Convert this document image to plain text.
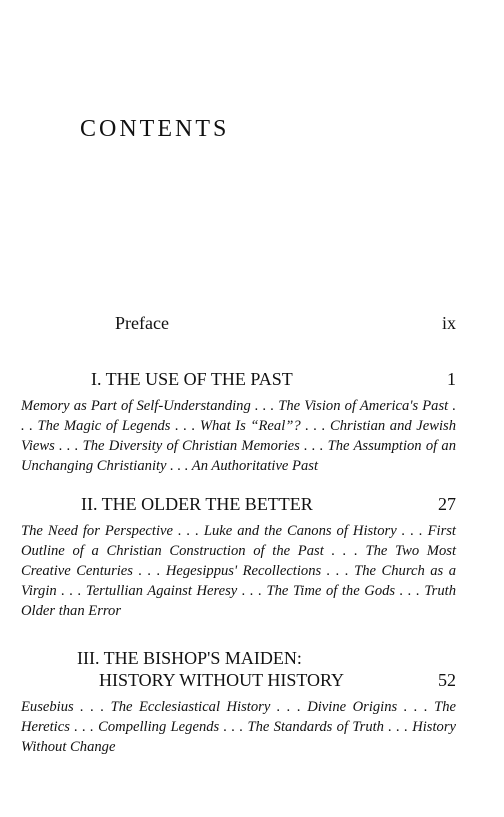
CONTENTS
Preface	ix
I. THE USE OF THE PAST	1

Memory as Part of Self-Understanding . . . The Vision of America's Past . . . The Magic of Legends . . . What Is “Real”? . . . Christian and Jewish Views . . . The Diversity of Christian Memories . . . The Assumption of an Unchanging Christianity . . . An Authoritative Past

II. THE OLDER THE BETTER	27

The Need for Perspective . . . Luke and the Canons of History . . . First Outline of a Christian Construction of the Past . . . The Two Most Creative Centuries . . . Hegesippus' Recollections . . . The Church as a Virgin . . . Tertullian Against Heresy . . . The Time of the Gods . . . Truth Older than Error

III. THE BISHOP'S MAIDEN:
HISTORY WITHOUT HISTORY	52

Eusebius . . . The Ecclesiastical History . . . Divine Origins . . . The Heretics . . . Compelling Legends . . . The Standards of Truth . . . History Without Change
